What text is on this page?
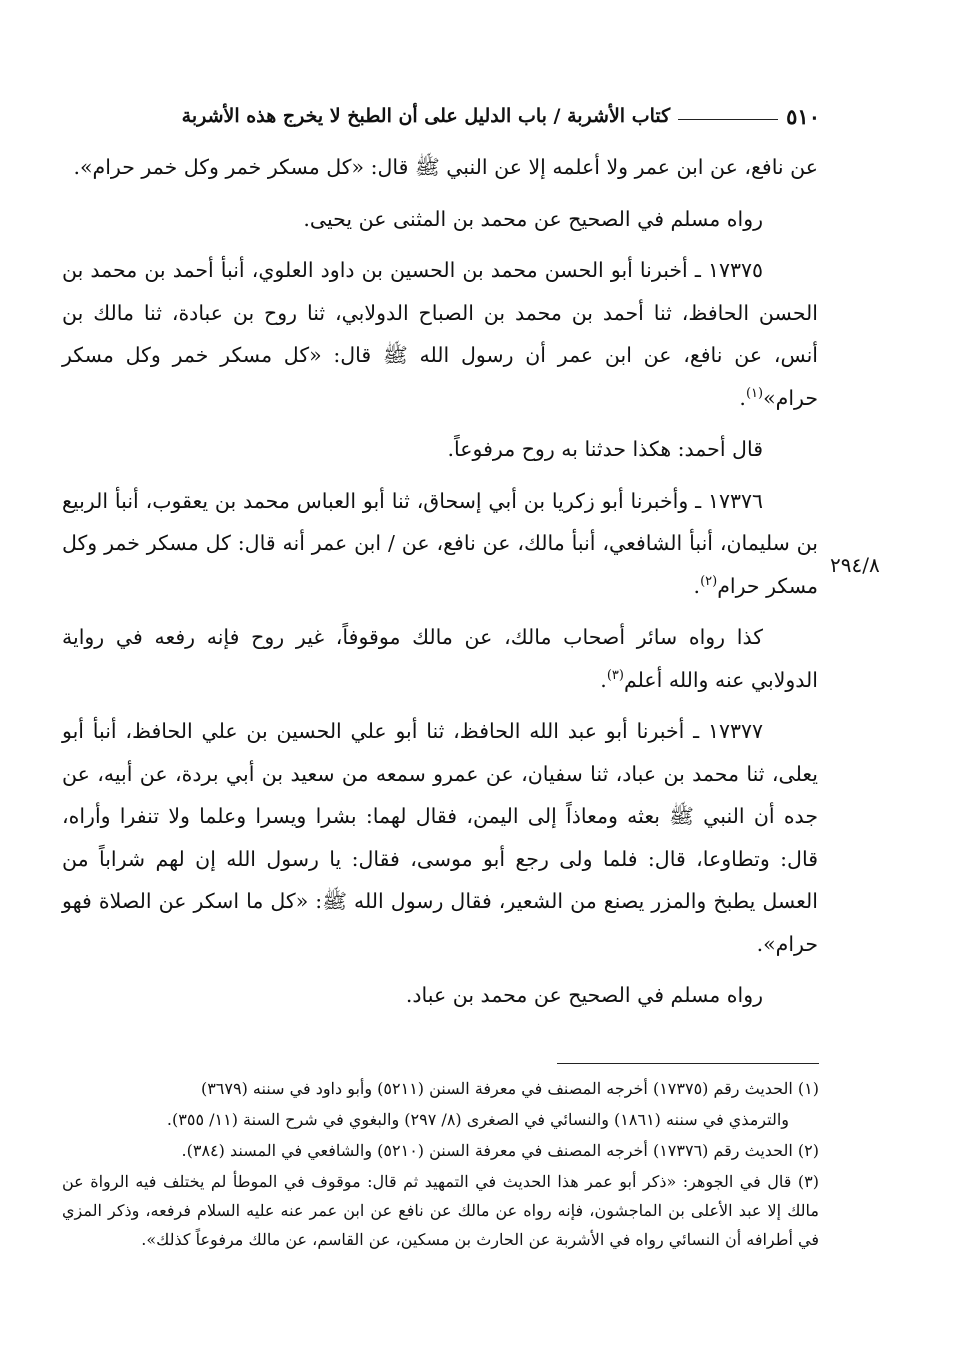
٥١٠
كتاب الأشربة / باب الدليل على أن الطبخ لا يخرج هذه الأشربة

عن نافع، عن ابن عمر ولا أعلمه إلا عن النبي ﷺ قال: «كل مسكر خمر وكل خمر حرام».

رواه مسلم في الصحيح عن محمد بن المثنى عن يحيى.

١٧٣٧٥ ـ أخبرنا أبو الحسن محمد بن الحسين بن داود العلوي، أنبأ أحمد بن محمد بن الحسن الحافظ، ثنا أحمد بن محمد بن الصباح الدولابي، ثنا روح بن عبادة، ثنا مالك بن أنس، عن نافع، عن ابن عمر أن رسول الله ﷺ قال: «كل مسكر خمر وكل مسكر حرام»$^{(١)}$.

قال أحمد: هكذا حدثنا به روح مرفوعاً.

١٧٣٧٦ ـ وأخبرنا أبو زكريا بن أبي إسحاق، ثنا أبو العباس محمد بن يعقوب، أنبأ الربيع بن سليمان، أنبأ الشافعي، أنبأ مالك، عن نافع، عن / ابن عمر أنه قال: كل مسكر خمر وكل مسكر حرام$^{(٢)}$.

كذا رواه سائر أصحاب مالك، عن مالك موقوفاً، غير روح فإنه رفعه في رواية الدولابي عنه والله أعلم$^{(٣)}$.

١٧٣٧٧ ـ أخبرنا أبو عبد الله الحافظ، ثنا أبو علي الحسين بن علي الحافظ، أنبأ أبو يعلى، ثنا محمد بن عباد، ثنا سفيان، عن عمرو سمعه من سعيد بن أبي بردة، عن أبيه، عن جده أن النبي ﷺ بعثه ومعاذاً إلى اليمن، فقال لهما: بشرا ويسرا وعلما ولا تنفرا وأراه، قال: وتطاوعا، قال: فلما ولى رجع أبو موسى، فقال: يا رسول الله إن لهم شراباً من العسل يطبخ والمزر يصنع من الشعير، فقال رسول الله ﷺ: «كل ما اسكر عن الصلاة فهو حرام».

رواه مسلم في الصحيح عن محمد بن عباد.

٢٩٤/٨

(١) الحديث رقم (١٧٣٧٥) أخرجه المصنف في معرفة السنن (٥٢١١) وأبو داود في سننه (٣٦٧٩)

والترمذي في سننه (١٨٦١) والنسائي في الصغرى (٨/ ٢٩٧) والبغوي في شرح السنة (١١/ ٣٥٥).

(٢) الحديث رقم (١٧٣٧٦) أخرجه المصنف في معرفة السنن (٥٢١٠) والشافعي في المسند (٣٨٤).

(٣) قال في الجوهر: «ذكر أبو عمر هذا الحديث في التمهيد ثم قال: موقوف في الموطأ لم يختلف فيه الرواة عن مالك إلا عبد الأعلى بن الماجشون، فإنه رواه عن مالك عن نافع عن ابن عمر عنه عليه السلام فرفعه، وذكر المزي في أطرافه أن النسائي رواه في الأشربة عن الحارث بن مسكين، عن القاسم، عن مالك مرفوعاً كذلك».
